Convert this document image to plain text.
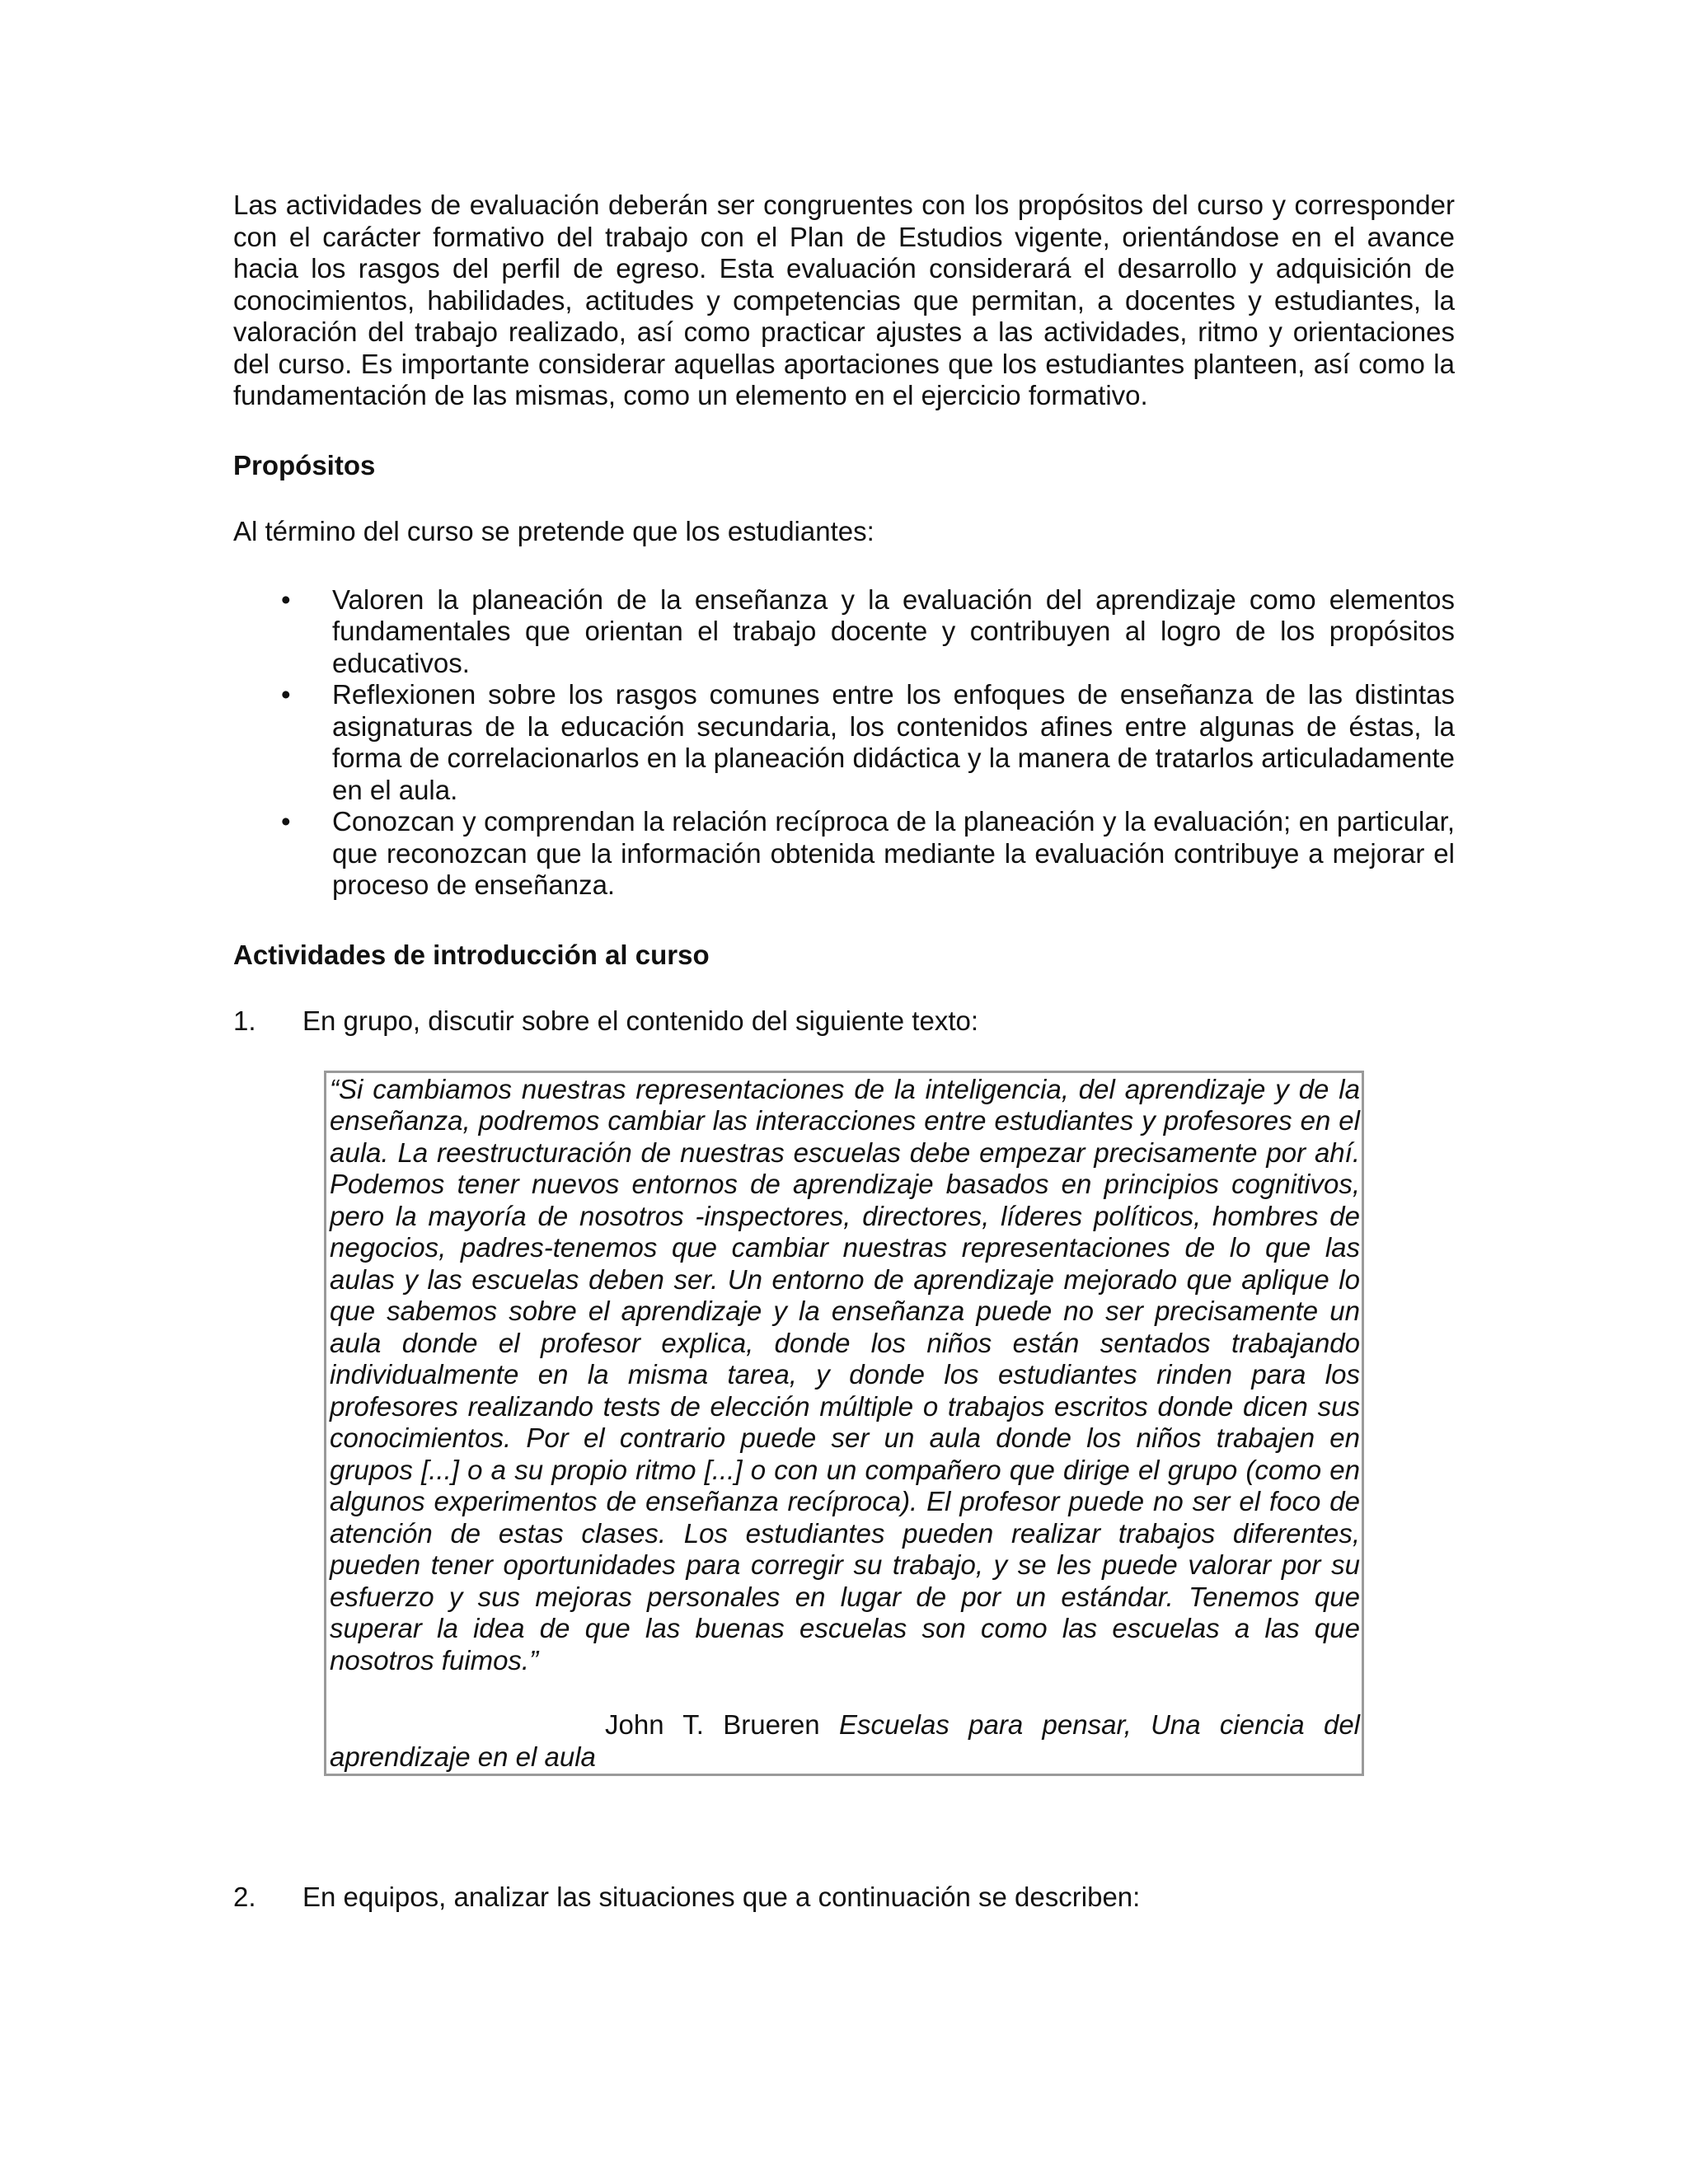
Las actividades de evaluación deberán ser congruentes con los propósitos del curso y corresponder con el carácter formativo del trabajo con el Plan de Estudios vigente, orientándose en el avance hacia los rasgos del perfil de egreso. Esta evaluación considerará el desarrollo y adquisición de conocimientos, habilidades, actitudes y competencias que permitan, a docentes y estudiantes, la valoración del trabajo realizado, así como practicar ajustes a las actividades, ritmo y orientaciones del curso. Es importante considerar aquellas aportaciones que los estudiantes planteen, así como la fundamentación de las mismas, como un elemento en el ejercicio formativo.

Propósitos

Al término del curso se pretende que los estudiantes:

• Valoren la planeación de la enseñanza y la evaluación del aprendizaje como elementos fundamentales que orientan el trabajo docente y contribuyen al logro de los propósitos educativos.
• Reflexionen sobre los rasgos comunes entre los enfoques de enseñanza de las distintas asignaturas de la educación secundaria, los contenidos afines entre algunas de éstas, la forma de correlacionarlos en la planeación didáctica y la manera de tratarlos articuladamente en el aula.
• Conozcan y comprendan la relación recíproca de la planeación y la evaluación; en particular, que reconozcan que la información obtenida mediante la evaluación contribuye a mejorar el proceso de enseñanza.

Actividades de introducción al curso

1. En grupo, discutir sobre el contenido del siguiente texto:

“Si cambiamos nuestras representaciones de la inteligencia, del aprendizaje y de la enseñanza, podremos cambiar las interacciones entre estudiantes y profesores en el aula. La reestructuración de nuestras escuelas debe empezar precisamente por ahí. Podemos tener nuevos entornos de aprendizaje basados en principios cognitivos, pero la mayoría de nosotros -inspectores, directores, líderes políticos, hombres de negocios, padres-tenemos que cambiar nuestras representaciones de lo que las aulas y las escuelas deben ser. Un entorno de aprendizaje mejorado que aplique lo que sabemos sobre el aprendizaje y la enseñanza puede no ser precisamente un aula donde el profesor explica, donde los niños están sentados trabajando individualmente en la misma tarea, y donde los estudiantes rinden para los profesores realizando tests de elección múltiple o trabajos escritos donde dicen sus conocimientos. Por el contrario puede ser un aula donde los niños trabajen en grupos [...] o a su propio ritmo [...] o con un compañero que dirige el grupo (como en algunos experimentos de enseñanza recíproca). El profesor puede no ser el foco de atención de estas clases. Los estudiantes pueden realizar trabajos diferentes, pueden tener oportunidades para corregir su trabajo, y se les puede valorar por su esfuerzo y sus mejoras personales en lugar de por un estándar. Tenemos que superar la idea de que las buenas escuelas son como las escuelas a las que nosotros fuimos.”

John T. Brueren Escuelas para pensar, Una ciencia del aprendizaje en el aula

2. En equipos, analizar las situaciones que a continuación se describen:
